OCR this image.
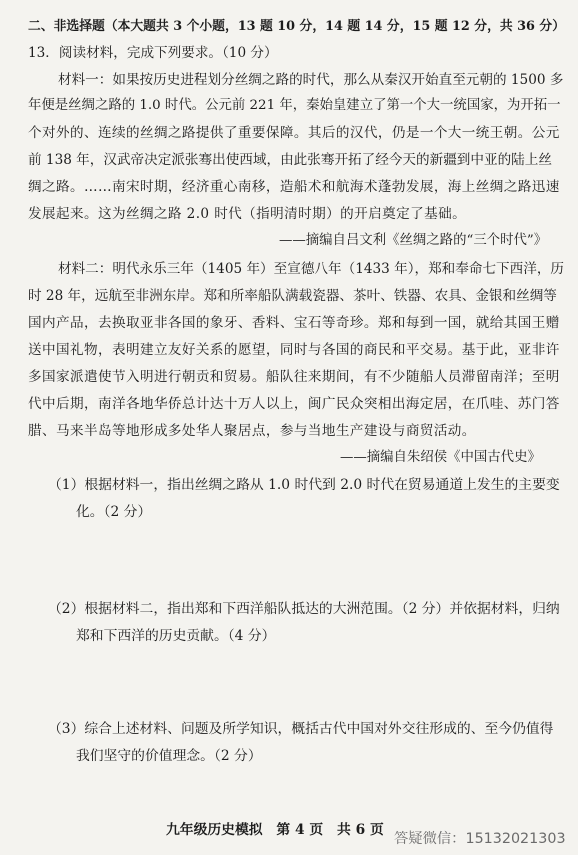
二、非选择题（本大题共 3 个小题，13 题 10 分，14 题 14 分，15 题 12 分，共 36 分）
13．阅读材料，完成下列要求。（10 分）
材料一：如果按历史进程划分丝绸之路的时代，那么从秦汉开始直至元朝的 1500 多
年便是丝绸之路的 1.0 时代。公元前 221 年，秦始皇建立了第一个大一统国家，为开拓一
个对外的、连续的丝绸之路提供了重要保障。其后的汉代，仍是一个大一统王朝。公元
前 138 年，汉武帝决定派张骞出使西域，由此张骞开拓了经今天的新疆到中亚的陆上丝
绸之路。……南宋时期，经济重心南移，造船术和航海术蓬勃发展，海上丝绸之路迅速
发展起来。这为丝绸之路 2.0 时代（指明清时期）的开启奠定了基础。
——摘编自吕文利《丝绸之路的“三个时代”》
材料二：明代永乐三年（1405 年）至宣德八年（1433 年），郑和奉命七下西洋，历
时 28 年，远航至非洲东岸。郑和所率船队满载瓷器、茶叶、铁器、农具、金银和丝绸等
国内产品，去换取亚非各国的象牙、香料、宝石等奇珍。郑和每到一国，就给其国王赠
送中国礼物，表明建立友好关系的愿望，同时与各国的商民和平交易。基于此，亚非许
多国家派遣使节入明进行朝贡和贸易。船队往来期间，有不少随船人员滞留南洋；至明
代中后期，南洋各地华侨总计达十万人以上，闽广民众突相出海定居，在爪哇、苏门答
腊、马来半岛等地形成多处华人聚居点，参与当地生产建设与商贸活动。
——摘编自朱绍侯《中国古代史》
（1）根据材料一，指出丝绸之路从 1.0 时代到 2.0 时代在贸易通道上发生的主要变
化。（2 分）
（2）根据材料二，指出郑和下西洋船队抵达的大洲范围。（2 分）并依据材料，归纳
郑和下西洋的历史贡献。（4 分）
（3）综合上述材料、问题及所学知识，概括古代中国对外交往形成的、至今仍值得
我们坚守的价值理念。（2 分）
九年级历史模拟　第 4 页　共 6 页
答疑微信：15132021303
